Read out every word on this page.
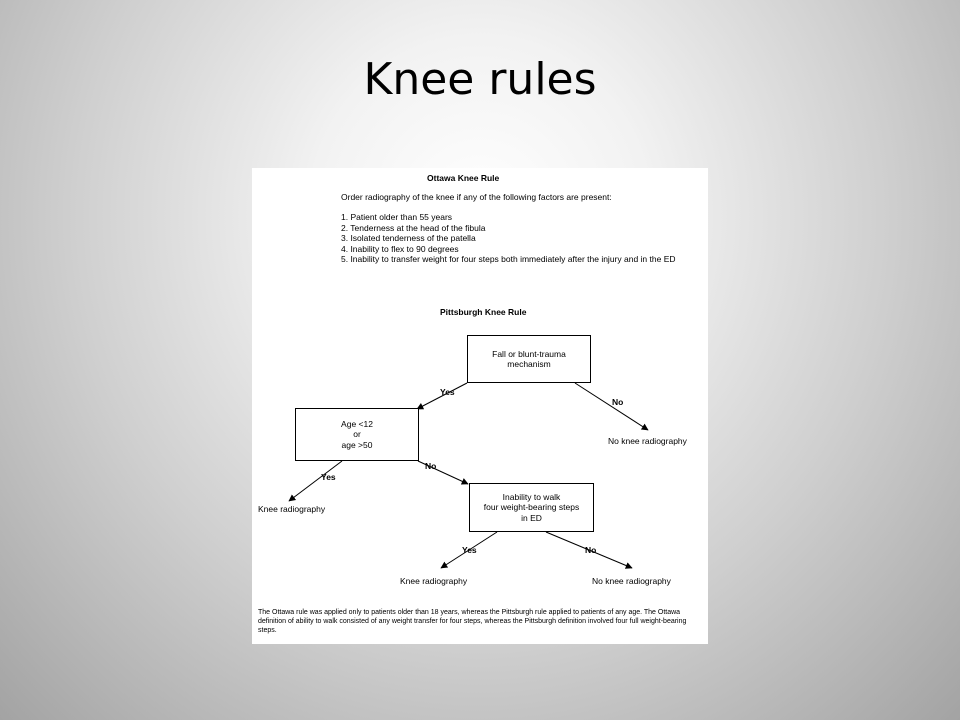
Knee rules
Ottawa Knee Rule
Order radiography of the knee if any of the following factors are present:
1. Patient older than 55 years
2. Tenderness at the head of the fibula
3. Isolated tenderness of the patella
4. Inability to flex to 90 degrees
5. Inability to transfer weight for four steps both immediately after the injury and in the ED
Pittsburgh Knee Rule
Fall or blunt-trauma
mechanism
Age <12
or
age >50
Inability to walk
four weight-bearing steps
in ED
Yes
No
Yes
No
Yes	No
No knee radiography
Knee radiography
Knee radiography	No knee radiography
The Ottawa rule was applied only to patients older than 18 years, whereas the Pittsburgh rule applied to patients of any age. The Ottawa definition of ability to walk consisted of any weight transfer for four steps, whereas the Pittsburgh definition involved four full weight-bearing steps.
